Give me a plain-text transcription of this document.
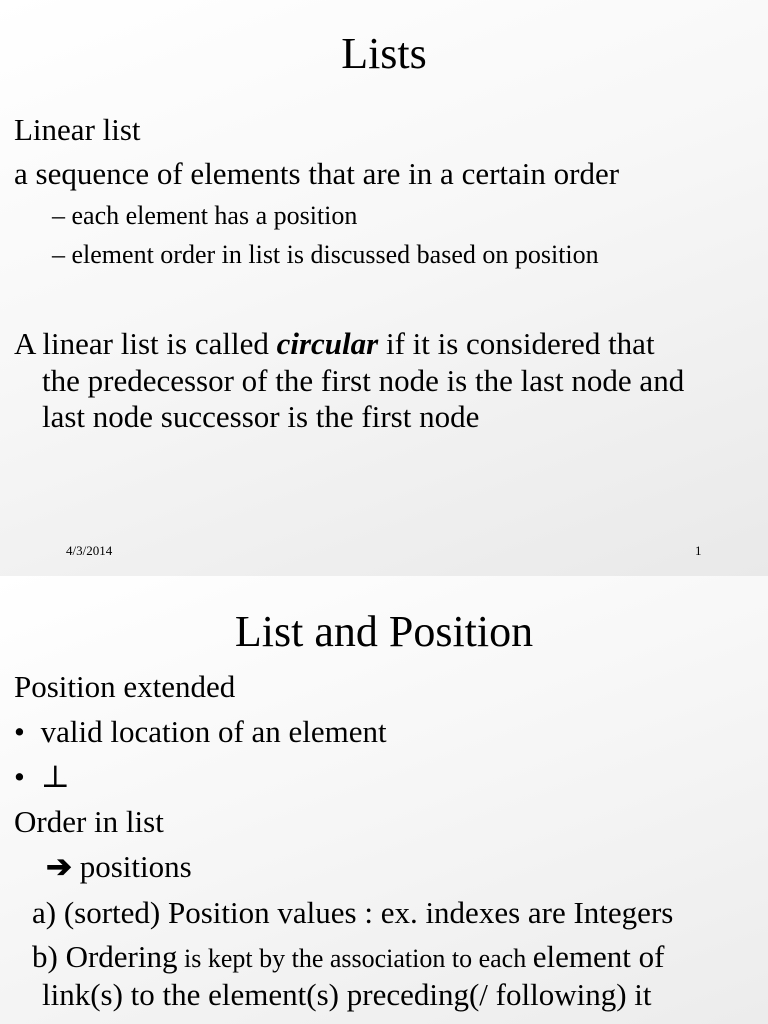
Lists
Linear list
a sequence of elements that are in a certain order
– each element has a position
– element order in list is discussed based on position
A linear list is called circular if it is considered that
the predecessor of the first node is the last node and
last node successor is the first node
4/3/2014	1
List and Position
Position extended
• valid location of an element
• ⊥
Order in list
➔ positions
a) (sorted) Position values : ex. indexes are Integers
b) Ordering is kept by the association to each element of
link(s) to the element(s) preceding(/ following) it
